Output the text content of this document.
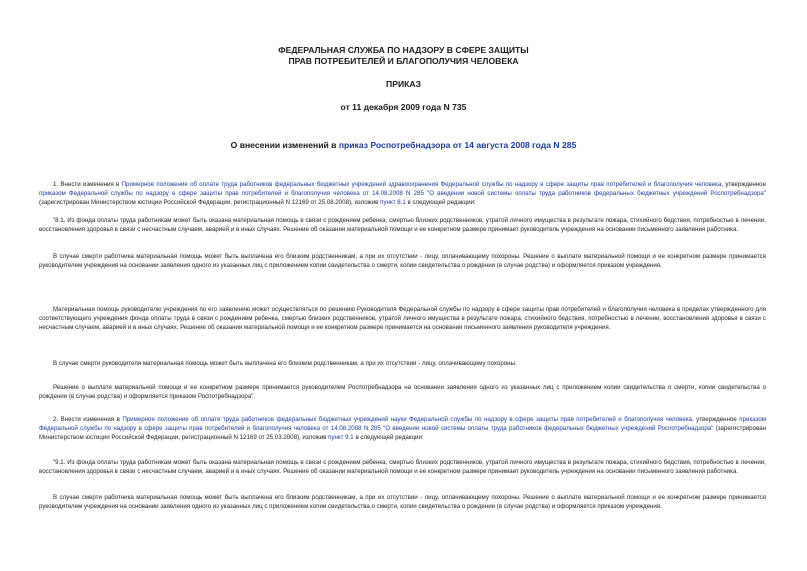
ФЕДЕРАЛЬНАЯ СЛУЖБА ПО НАДЗОРУ В СФЕРЕ ЗАЩИТЫ
ПРАВ ПОТРЕБИТЕЛЕЙ И БЛАГОПОЛУЧИЯ ЧЕЛОВЕКА
ПРИКАЗ
от 11 декабря 2009 года N 735
О внесении изменений в приказ Роспотребнадзора от 14 августа 2008 года N 285

1. Внести изменения в Примерное положение об оплате труда работников федеральных бюджетных учреждений здравоохранения Федеральной службы по надзору в сфере защиты прав потребителей и благополучия человека, утвержденное приказом Федеральной службы по надзору в сфере защиты прав потребителей и благополучия человека от 14.08.2008 N 285 "О введении новой системы оплаты труда работников федеральных бюджетных учреждений Роспотребнадзора" (зарегистрирован Министерством юстиции Российской Федерации, регистрационный N 12169 от 25.08.2008), изложив пункт 8.1 в следующей редакции:

"8.1. Из фонда оплаты труда работникам может быть оказана материальная помощь в связи с рождением ребенка, смертью близких родственников, утратой личного имущества в результате пожара, стихийного бедствия, потребностью в лечении, восстановления здоровья в связи с несчастным случаем, аварией и в иных случаях. Решение об оказании материальной помощи и ее конкретном размере принимает руководитель учреждения на основании письменного заявления работника.

В случае смерти работника материальная помощь может быть выплачена его близким родственникам, а при их отсутствии - лицу, оплачивающему похороны. Решение о выплате материальной помощи и ее конкретном размере принимается руководителем учреждения на основании заявления одного из указанных лиц с приложением копии свидетельства о смерти, копии свидетельства о рождении (в случае родства) и оформляется приказом учреждения.

Материальная помощь руководителю учреждения по его заявлению может осуществляться по решению Руководителя Федеральной службы по надзору в сфере защиты прав потребителей и благополучия человека в пределах утвержденного для соответствующего учреждения фонда оплаты труда в связи с рождением ребенка, смертью близких родственников, утратой личного имущества в результате пожара, стихийного бедствия, потребностью в лечении, восстановления здоровья в связи с несчастным случаем, аварией и в иных случаях. Решение об оказании материальной помощи и ее конкретном размере принимается на основании письменного заявления руководителя учреждения.

В случае смерти руководителя материальная помощь может быть выплачена его близким родственникам, а при их отсутствии - лицу, оплачивающему похороны.

Решение о выплате материальной помощи и ее конкретном размере принимается руководителем Роспотребнадзора на основании заявления одного из указанных лиц с приложением копии свидетельства о смерти, копии свидетельства о рождении (в случае родства) и оформляется приказом Роспотребнадзора".

2. Внести изменения в Примерное положение об оплате труда работников федеральных бюджетных учреждений науки Федеральной службы по надзору в сфере защиты прав потребителей и благополучия человека, утвержденное приказом Федеральной службы по надзору в сфере защиты прав потребителей и благополучия человека от 14.08.2008 N 285 "О введении новой системы оплаты труда работников федеральных бюджетных учреждений Роспотребнадзора" (зарегистрирован Министерством юстиции Российской Федерации, регистрационный N 12169 от 25.03.2008), изложив пункт 9.1 в следующей редакции:

"9.1. Из фонда оплаты труда работникам может быть оказана материальная помощь в связи с рождением ребенка, смертью близких родственников, утратой личного имущества в результате пожара, стихийного бедствия, потребностью в лечении, восстановления здоровья в связи с несчастным случаем, аварией и в иных случаях. Решение об оказании материальной помощи и ее конкретном размере принимает руководитель учреждения на основании письменного заявления работника.

В случае смерти работника материальная помощь может быть выплачена его близким родственникам, а при их отсутствии - лицу, оплачивающему похороны. Решение о выплате материальной помощи и ее конкретном размере принимается руководителем учреждения на основании заявления одного из указанных лиц с приложением копии свидетельства о смерти, копии свидетельства о рождении (в случае родства) и оформляется приказом учреждения.
